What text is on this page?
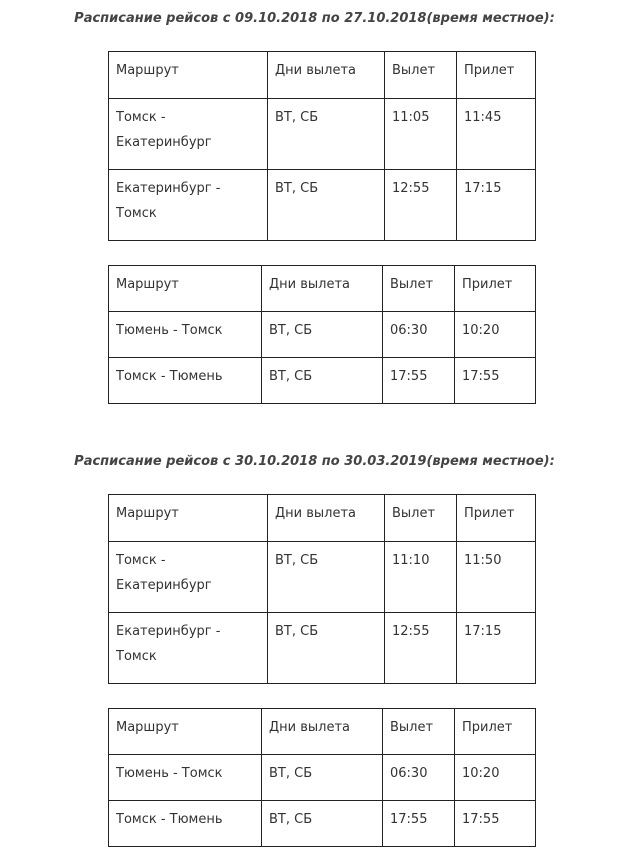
Расписание рейсов с 09.10.2018 по 27.10.2018(время местное):

Маршрут	Дни вылета	Вылет	Прилет
Томск - Екатеринбург	ВТ, СБ	11:05	11:45
Екатеринбург - Томск	ВТ, СБ	12:55	17:15
Маршрут	Дни вылета	Вылет	Прилет
Тюмень - Томск	ВТ, СБ	06:30	10:20
Томск - Тюмень	ВТ, СБ	17:55	17:55

Расписание рейсов с 30.10.2018 по 30.03.2019(время местное):

Маршрут	Дни вылета	Вылет	Прилет
Томск - Екатеринбург	ВТ, СБ	11:10	11:50
Екатеринбург - Томск	ВТ, СБ	12:55	17:15
Маршрут	Дни вылета	Вылет	Прилет
Тюмень - Томск	ВТ, СБ	06:30	10:20
Томск - Тюмень	ВТ, СБ	17:55	17:55
